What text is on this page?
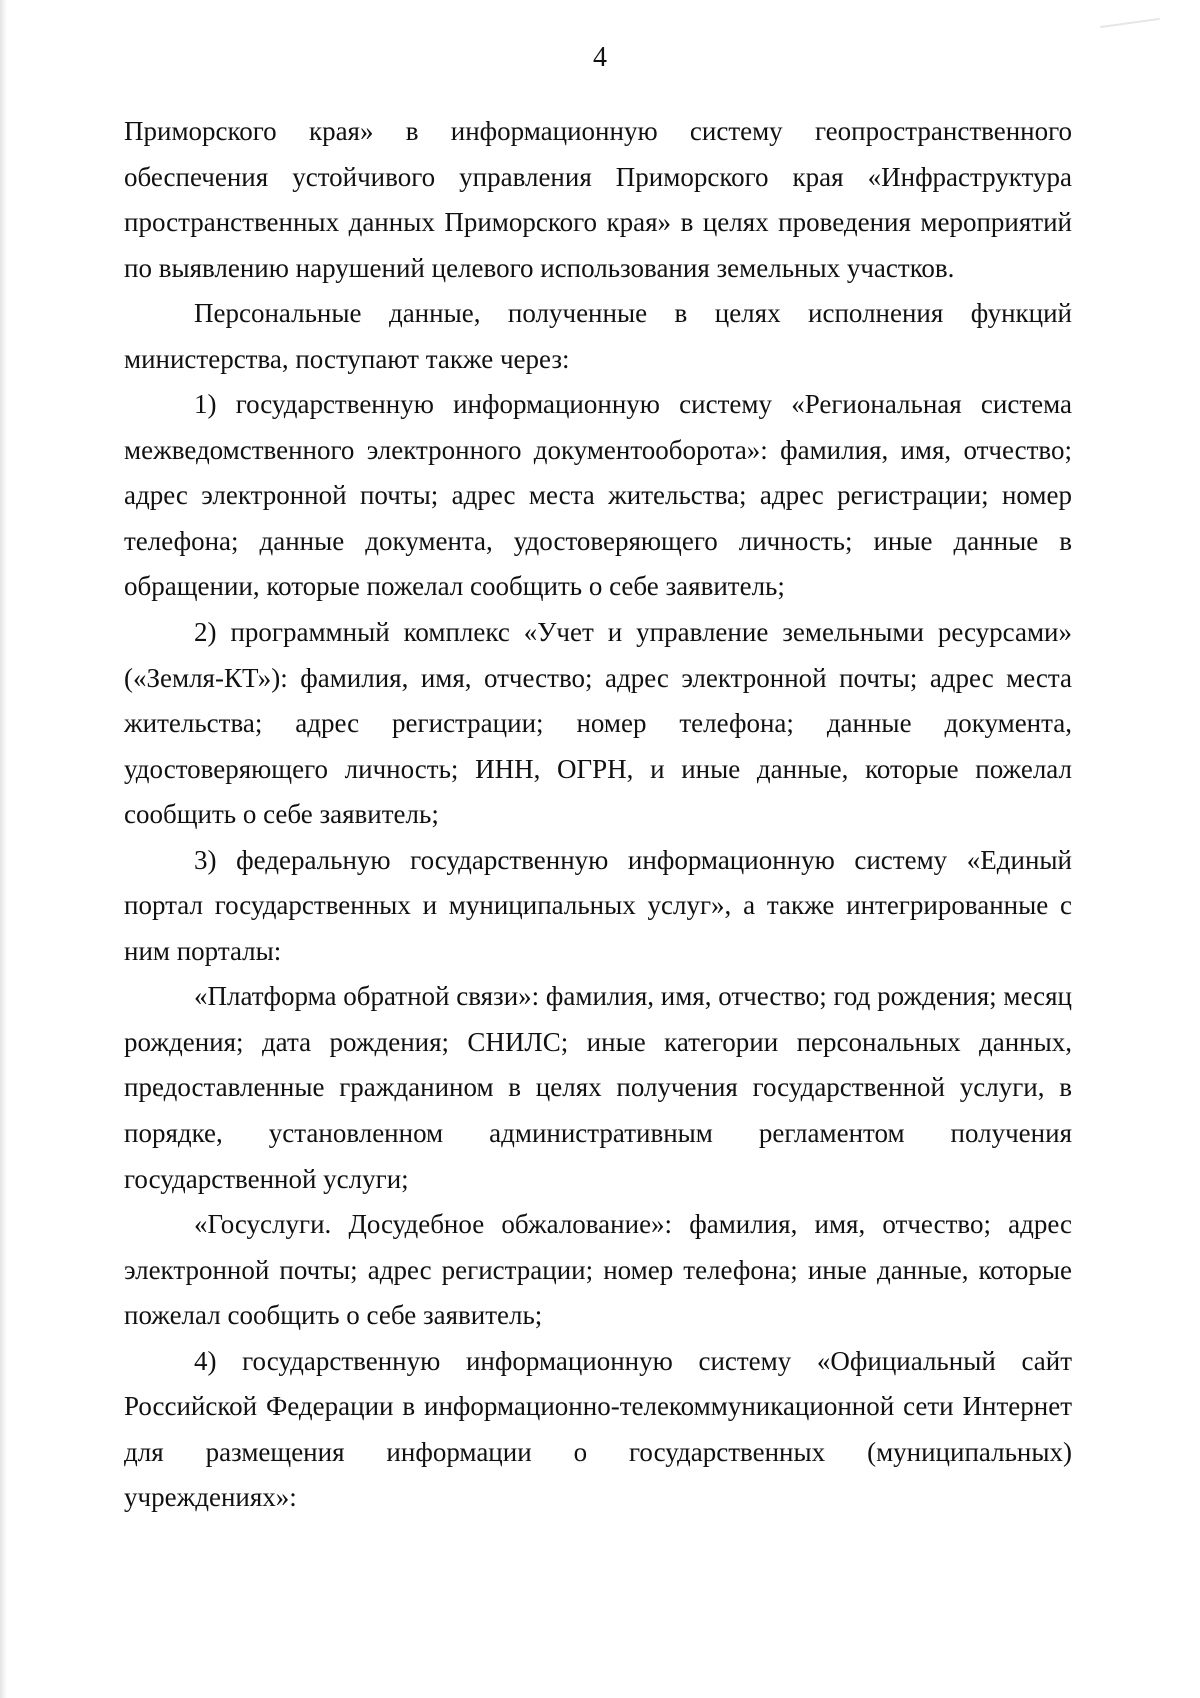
4

Приморского края» в информационную систему геопространственного обеспечения устойчивого управления Приморского края «Инфраструктура пространственных данных Приморского края» в целях проведения мероприятий по выявлению нарушений целевого использования земельных участков.

Персональные данные, полученные в целях исполнения функций министерства, поступают также через:

1) государственную информационную систему «Региональная система межведомственного электронного документооборота»: фамилия, имя, отчество; адрес электронной почты; адрес места жительства; адрес регистрации; номер телефона; данные документа, удостоверяющего личность; иные данные в обращении, которые пожелал сообщить о себе заявитель;

2) программный комплекс «Учет и управление земельными ресурсами» («Земля-КТ»): фамилия, имя, отчество; адрес электронной почты; адрес места жительства; адрес регистрации; номер телефона; данные документа, удостоверяющего личность; ИНН, ОГРН, и иные данные, которые пожелал сообщить о себе заявитель;

3) федеральную государственную информационную систему «Единый портал государственных и муниципальных услуг», а также интегрированные с ним порталы:

«Платформа обратной связи»: фамилия, имя, отчество; год рождения; месяц рождения; дата рождения; СНИЛС; иные категории персональных данных, предоставленные гражданином в целях получения государственной услуги, в порядке, установленном административным регламентом получения государственной услуги;

«Госуслуги. Досудебное обжалование»: фамилия, имя, отчество; адрес электронной почты; адрес регистрации; номер телефона; иные данные, которые пожелал сообщить о себе заявитель;

4) государственную информационную систему «Официальный сайт Российской Федерации в информационно-телекоммуникационной сети Интернет для размещения информации о государственных (муниципальных) учреждениях»:
